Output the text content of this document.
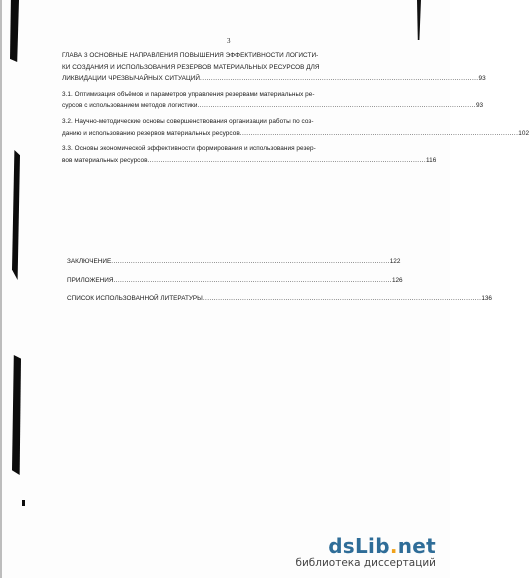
3
ГЛАВА 3 ОСНОВНЫЕ НАПРАВЛЕНИЯ ПОВЫШЕНИЯ ЭФФЕКТИВНОСТИ ЛОГИСТИ-
КИ СОЗДАНИЯ И ИСПОЛЬЗОВАНИЯ РЕЗЕРВОВ МАТЕРИАЛЬНЫХ РЕСУРСОВ ДЛЯ
ЛИКВИДАЦИИ ЧРЕЗВЫЧАЙНЫХ СИТУАЦИЙ ................................................................................................................................ 93
3.1. Оптимизация объёмов и параметров управления резервами материальных ре-
сурсов с использованием методов логистики ................................................................................................................................ 93
3.2. Научно-методические основы совершенствования организации работы по соз-
данию и использованию резервов материальных ресурсов ................................................................................................................................ 102
3.3. Основы экономической эффективности формирования и использования резер-
вов материальных ресурсов ................................................................................................................................ 116
ЗАКЛЮЧЕНИЕ ................................................................................................................................ 122
ПРИЛОЖЕНИЯ ................................................................................................................................ 126
СПИСОК ИСПОЛЬЗОВАННОЙ ЛИТЕРАТУРЫ ................................................................................................................................ 136
dsLib.net
библиотека диссертаций
